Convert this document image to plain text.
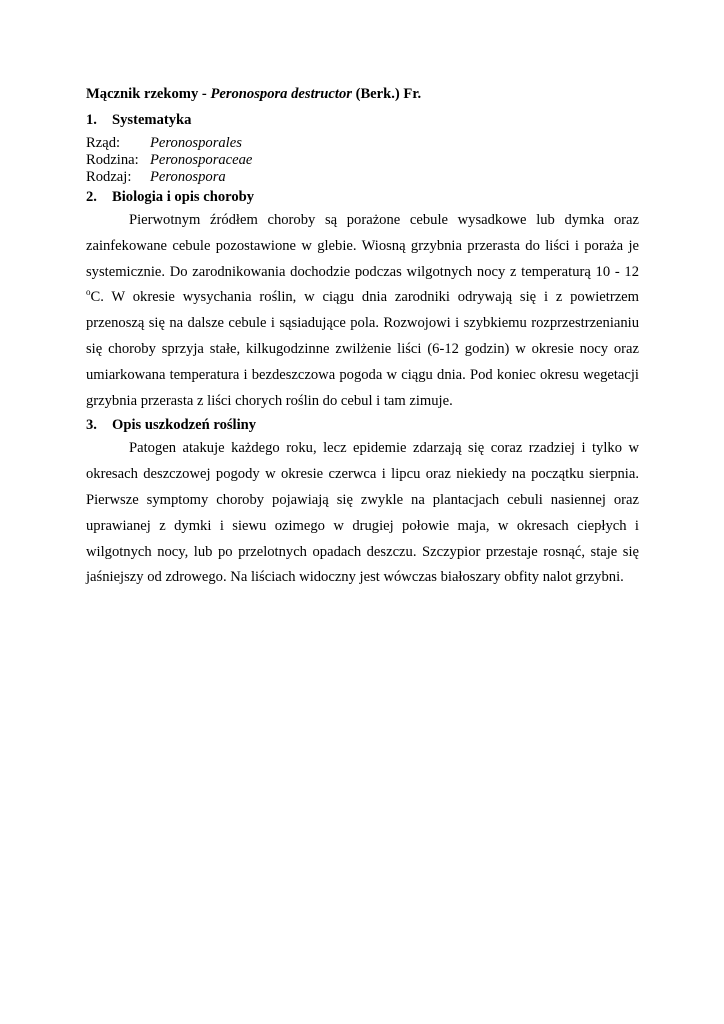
Mącznik rzekomy - Peronospora destructor (Berk.) Fr.
1.	Systematyka
Rząd:	Peronosporales
Rodzina: Peronosporaceae
Rodzaj:	Peronospora
2.	Biologia i opis choroby

Pierwotnym źródłem choroby są porażone cebule wysadkowe lub dymka oraz zainfekowane cebule pozostawione w glebie. Wiosną grzybnia przerasta do liści i poraża je systemicznie. Do zarodnikowania dochodzie podczas wilgotnych nocy z temperaturą 10 - 12 $^o$C. W okresie wysychania roślin, w ciągu dnia zarodniki odrywają się i z powietrzem przenoszą się na dalsze cebule i sąsiadujące pola. Rozwojowi i szybkiemu rozprzestrzenianiu się choroby sprzyja stałe, kilkugodzinne zwilżenie liści (6-12 godzin) w okresie nocy oraz umiarkowana temperatura i bezdeszczowa pogoda w ciągu dnia. Pod koniec okresu wegetacji grzybnia przerasta z liści chorych roślin do cebul i tam zimuje.

3.	Opis uszkodzeń rośliny

Patogen atakuje każdego roku, lecz epidemie zdarzają się coraz rzadziej i tylko w okresach deszczowej pogody w okresie czerwca i lipcu oraz niekiedy na początku sierpnia. Pierwsze symptomy choroby pojawiają się zwykle na plantacjach cebuli nasiennej oraz uprawianej z dymki i siewu ozimego w drugiej połowie maja, w okresach ciepłych i wilgotnych nocy, lub po przelotnych opadach deszczu. Szczypior przestaje rosnąć, staje się jaśniejszy od zdrowego. Na liściach widoczny jest wówczas białoszary obfity nalot grzybni.
